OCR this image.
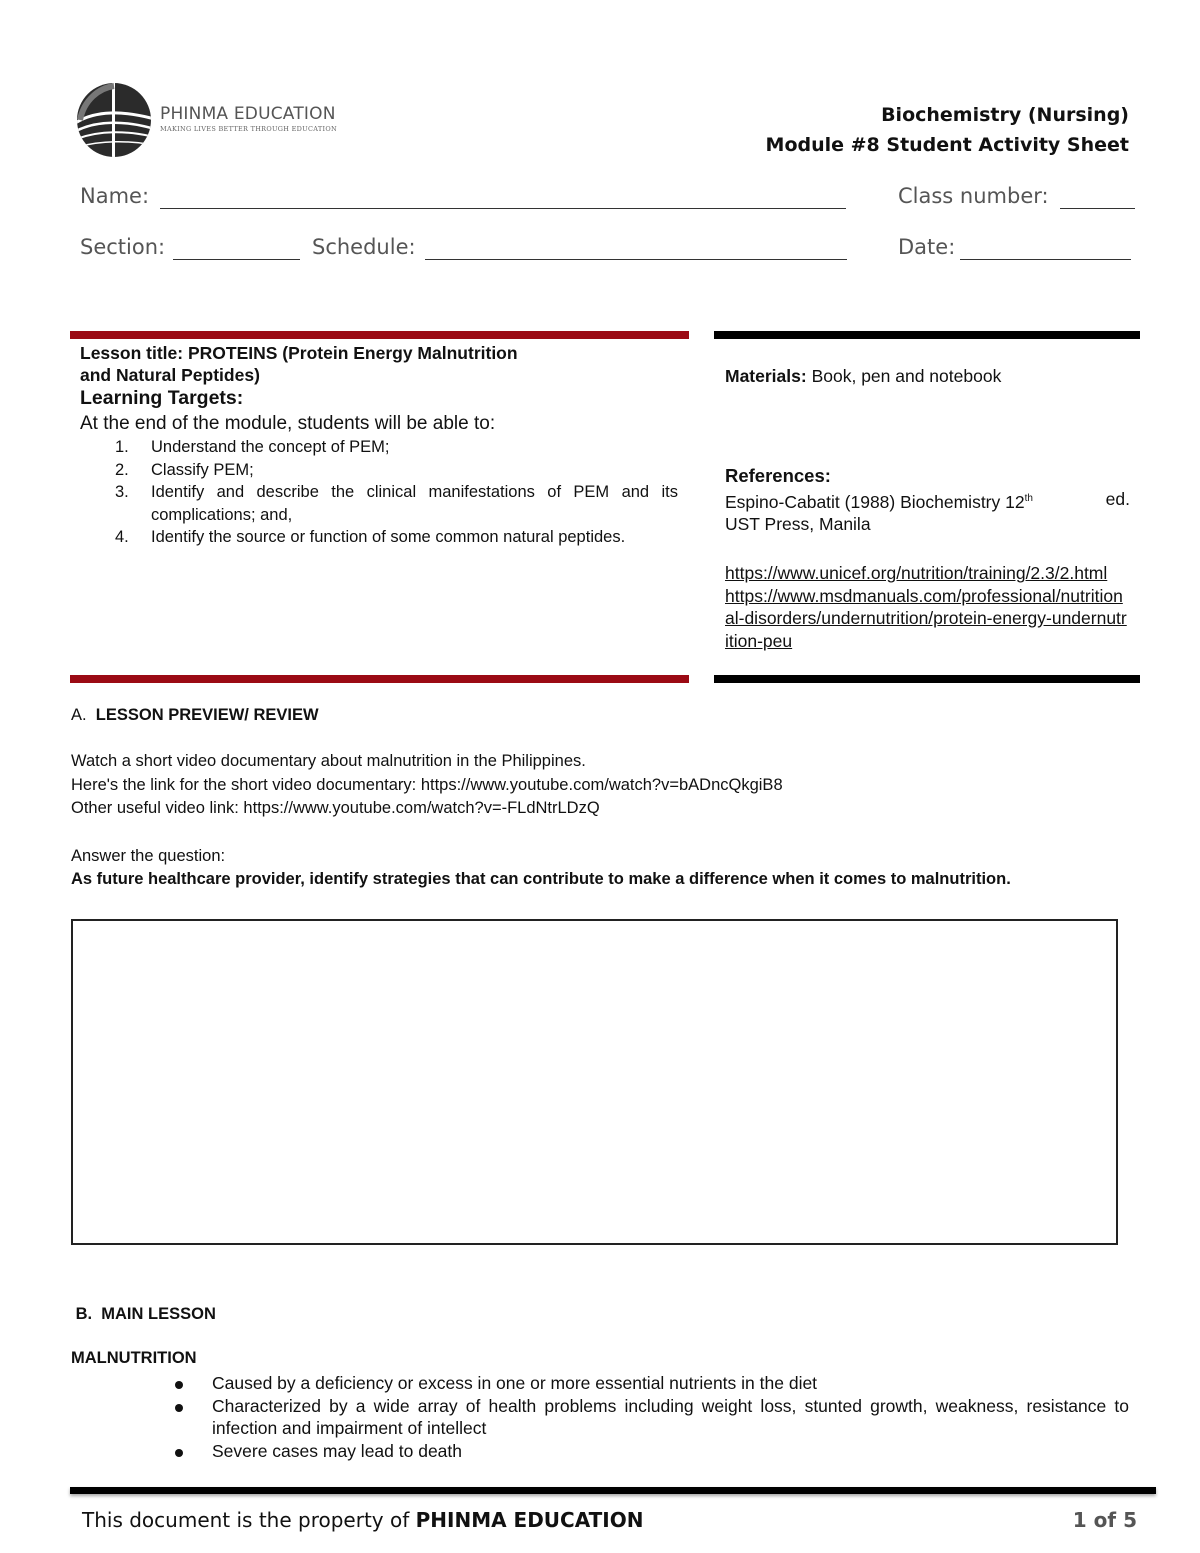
PHINMA EDUCATION
MAKING LIVES BETTER THROUGH EDUCATION
Biochemistry (Nursing)
Module #8 Student Activity Sheet
Name:	Class number:
Section:	Schedule:	Date:
Lesson title: PROTEINS (Protein Energy Malnutrition
and Natural Peptides)
Learning Targets:
At the end of the module, students will be able to:
1. Understand the concept of PEM;
2. Classify PEM;
3. Identify and describe the clinical manifestations of PEM and its complications; and,
4. Identify the source or function of some common natural peptides.
Materials: Book, pen and notebook
References:
Espino-Cabatit (1988) Biochemistry 12th	ed.
UST Press, Manila
https://www.unicef.org/nutrition/training/2.3/2.html
https://www.msdmanuals.com/professional/nutritional-disorders/undernutrition/protein-energy-undernutrition-peu
A. LESSON PREVIEW/ REVIEW
Watch a short video documentary about malnutrition in the Philippines.
Here's the link for the short video documentary: https://www.youtube.com/watch?v=bADncQkgiB8
Other useful video link: https://www.youtube.com/watch?v=-FLdNtrLDzQ
Answer the question:
As future healthcare provider, identify strategies that can contribute to make a difference when it comes to malnutrition.
B. MAIN LESSON
MALNUTRITION
Caused by a deficiency or excess in one or more essential nutrients in the diet
Characterized by a wide array of health problems including weight loss, stunted growth, weakness, resistance to infection and impairment of intellect
Severe cases may lead to death
This document is the property of PHINMA EDUCATION	1 of 5
